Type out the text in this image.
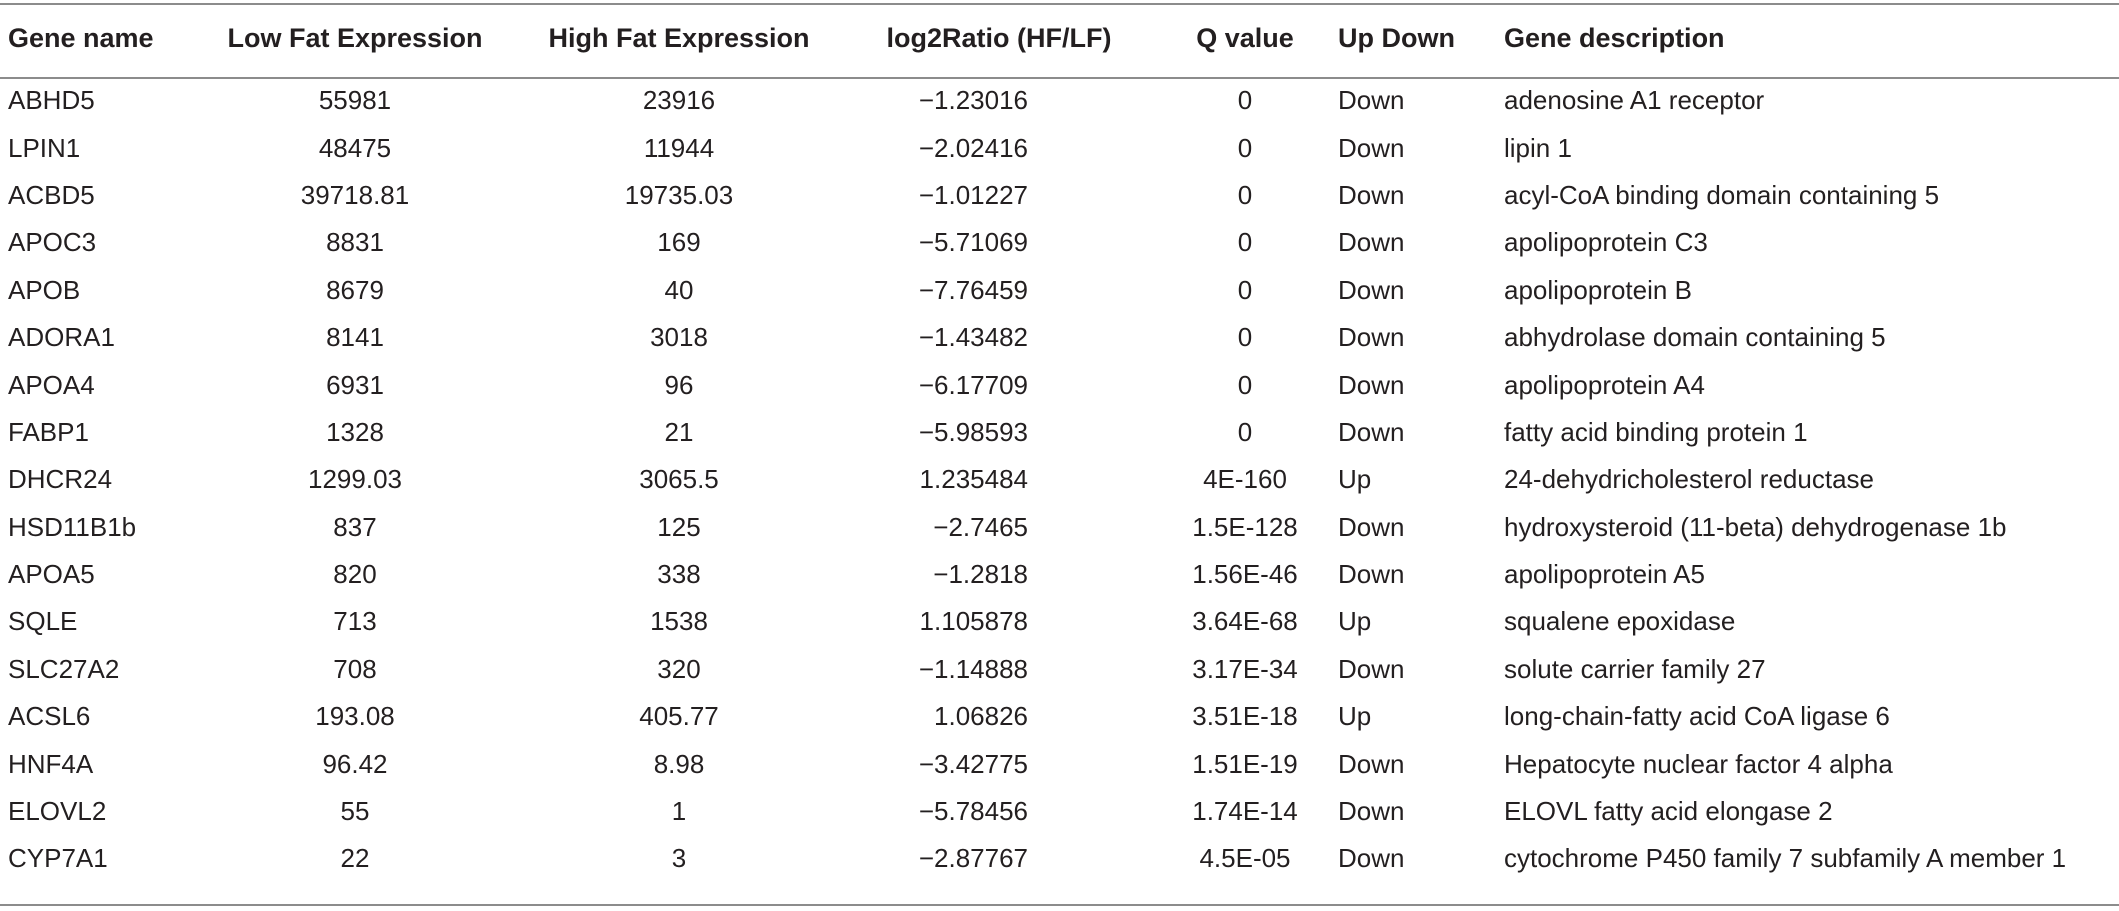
Gene name	Low Fat Expression	High Fat Expression	log2Ratio (HF/LF)	Q value	Up Down	Gene description
ABHD5	55981	23916	−1.23016	0	Down	adenosine A1 receptor
LPIN1	48475	11944	−2.02416	0	Down	lipin 1
ACBD5	39718.81	19735.03	−1.01227	0	Down	acyl-CoA binding domain containing 5
APOC3	8831	169	−5.71069	0	Down	apolipoprotein C3
APOB	8679	40	−7.76459	0	Down	apolipoprotein B
ADORA1	8141	3018	−1.43482	0	Down	abhydrolase domain containing 5
APOA4	6931	96	−6.17709	0	Down	apolipoprotein A4
FABP1	1328	21	−5.98593	0	Down	fatty acid binding protein 1
DHCR24	1299.03	3065.5	1.235484	4E-160	Up	24-dehydricholesterol reductase
HSD11B1b	837	125	−2.7465	1.5E-128	Down	hydroxysteroid (11-beta) dehydrogenase 1b
APOA5	820	338	−1.2818	1.56E-46	Down	apolipoprotein A5
SQLE	713	1538	1.105878	3.64E-68	Up	squalene epoxidase
SLC27A2	708	320	−1.14888	3.17E-34	Down	solute carrier family 27
ACSL6	193.08	405.77	1.06826	3.51E-18	Up	long-chain-fatty acid CoA ligase 6
HNF4A	96.42	8.98	−3.42775	1.51E-19	Down	Hepatocyte nuclear factor 4 alpha
ELOVL2	55	1	−5.78456	1.74E-14	Down	ELOVL fatty acid elongase 2
CYP7A1	22	3	−2.87767	4.5E-05	Down	cytochrome P450 family 7 subfamily A member 1
